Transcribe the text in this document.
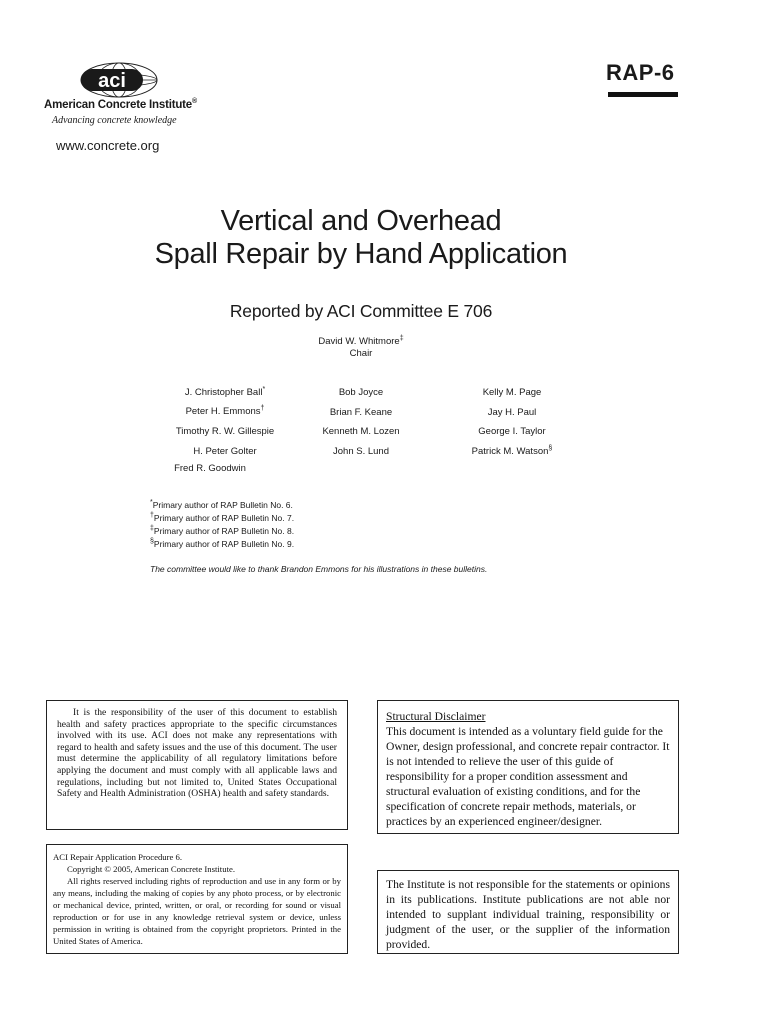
aci
American Concrete Institute®
Advancing concrete knowledge
www.concrete.org
RAP-6
Vertical and Overhead
Spall Repair by Hand Application
Reported by ACI Committee E 706
David W. Whitmore‡
Chair
J. Christopher Ball*
Peter H. Emmons†
Timothy R. W. Gillespie
H. Peter Golter
Fred R. Goodwin
Bob Joyce
Brian F. Keane
Kenneth M. Lozen
John S. Lund
Kelly M. Page
Jay H. Paul
George I. Taylor
Patrick M. Watson§
*Primary author of RAP Bulletin No. 6.
†Primary author of RAP Bulletin No. 7.
‡Primary author of RAP Bulletin No. 8.
§Primary author of RAP Bulletin No. 9.
The committee would like to thank Brandon Emmons for his illustrations in these bulletins.
It is the responsibility of the user of this document to establish health and safety practices appropriate to the specific circumstances involved with its use. ACI does not make any representations with regard to health and safety issues and the use of this document. The user must determine the applicability of all regulatory limitations before applying the document and must comply with all applicable laws and regulations, including but not limited to, United States Occupational Safety and Health Administration (OSHA) health and safety standards.
Structural Disclaimer
This document is intended as a voluntary field guide for the Owner, design professional, and concrete repair contractor. It is not intended to relieve the user of this guide of responsibility for a proper condition assessment and structural evaluation of existing conditions, and for the specification of concrete repair methods, materials, or practices by an experienced engineer/designer.
ACI Repair Application Procedure 6.
Copyright © 2005, American Concrete Institute.
All rights reserved including rights of reproduction and use in any form or by any means, including the making of copies by any photo process, or by electronic or mechanical device, printed, written, or oral, or recording for sound or visual reproduction or for use in any knowledge retrieval system or device, unless permission in writing is obtained from the copyright proprietors. Printed in the United States of America.
The Institute is not responsible for the statements or opinions in its publications. Institute publications are not able nor intended to supplant individual training, responsibility or judgment of the user, or the supplier of the information provided.
